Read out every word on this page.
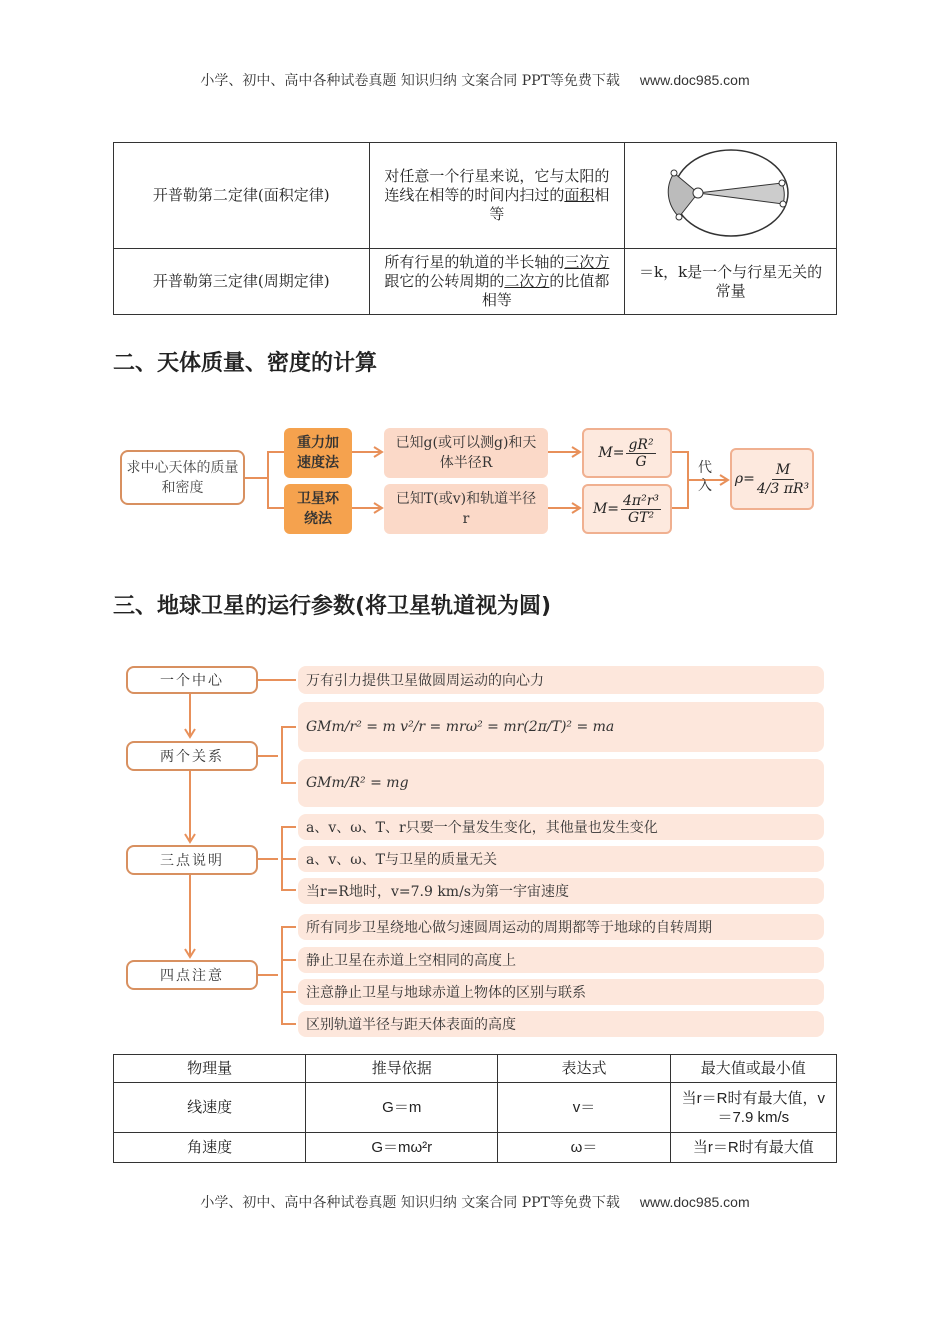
小学、初中、高中各种试卷真题 知识归纳 文案合同 PPT等免费下载 www.doc985.com
开普勒第二定律(面积定律)	对任意一个行星来说，它与太阳的连线在相等的时间内扫过的面积相等	
开普勒第三定律(周期定律)	所有行星的轨道的半长轴的三次方跟它的公转周期的二次方的比值都相等	＝k，k是一个与行星无关的常量
二、天体质量、密度的计算
求中心天体的质量和密度
重力加速度法
卫星环绕法
已知g(或可以测g)和天体半径R
已知T(或v)和轨道半径r
$M= \frac{\text{gR²}}{G}$
$M= \frac{\text{4π²r³}}{\text{GT²}}$
代入 $\rho= \frac{M}{\text{4/3 πR³}}$
三、地球卫星的运行参数(将卫星轨道视为圆)
一个中心
两个关系
三点说明
四点注意
万有引力提供卫星做圆周运动的向心力
GMm/r² = m v²/r = mrω² = mr(2π/T)² = ma
GMm/R² = mg
a、v、ω、T、r只要一个量发生变化，其他量也发生变化
a、v、ω、T与卫星的质量无关
当r=R地时，v=7.9 km/s为第一宇宙速度
所有同步卫星绕地心做匀速圆周运动的周期都等于地球的自转周期
静止卫星在赤道上空相同的高度上
注意静止卫星与地球赤道上物体的区别与联系
区别轨道半径与距天体表面的高度
物理量	推导依据	表达式	最大值或最小值
线速度	G＝m	v＝	当r＝R时有最大值，v＝7.9 km/s
角速度	G＝mω²r	ω＝	当r＝R时有最大值
小学、初中、高中各种试卷真题 知识归纳 文案合同 PPT等免费下载 www.doc985.com
